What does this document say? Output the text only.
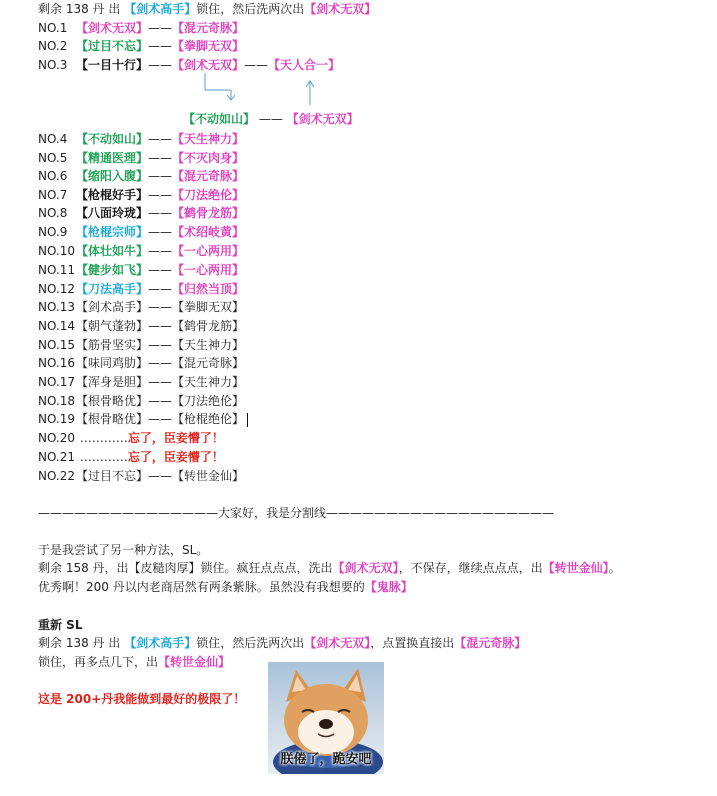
剩余 138 丹 出 【剑术高手】锁住，然后洗两次出【剑术无双】
NO.1 【剑术无双】——【混元奇脉】
NO.2 【过目不忘】——【拳脚无双】
NO.3 【一目十行】——【剑术无双】——【天人合一】
NO.4 【不动如山】——【天生神力】
NO.5 【精通医理】——【不灭肉身】
NO.6 【缩阳入腹】——【混元奇脉】
NO.7 【枪棍好手】——【刀法绝伦】
NO.8 【八面玲珑】——【鹤骨龙筋】
NO.9 【枪棍宗师】——【术绍岐黄】
NO.10【体壮如牛】——【一心两用】
NO.11【健步如飞】——【一心两用】
NO.12【刀法高手】——【归然当顶】
NO.13【剑术高手】——【拳脚无双】
NO.14【朝气蓬勃】——【鹤骨龙筋】
NO.15【筋骨坚实】——【天生神力】
NO.16【味同鸡肋】——【混元奇脉】
NO.17【浑身是胆】——【天生神力】
NO.18【根骨略优】——【刀法绝伦】
NO.19【根骨略优】——【枪棍绝伦】
NO.22【过目不忘】——【转世金仙】
【不动如山】 —— 【剑术无双】
NO.20 …………忘了，臣妾懵了！
NO.21 …………忘了，臣妾懵了！
———————————————大家好，我是分割线———————————————————
于是我尝试了另一种方法，SL。
剩余 158 丹，出【皮糙肉厚】锁住。疯狂点点点，洗出【剑术无双】，不保存，继续点点点，出【转世金仙】。
优秀啊！200 丹以内老商居然有两条紫脉。虽然没有我想要的【鬼脉】
重新 SL
剩余 138 丹 出 【剑术高手】锁住，然后洗两次出【剑术无双】，点置换直接出【混元奇脉】
锁住，再多点几下，出【转世金仙】
这是 200+丹我能做到最好的极限了！
朕倦了，跪安吧
